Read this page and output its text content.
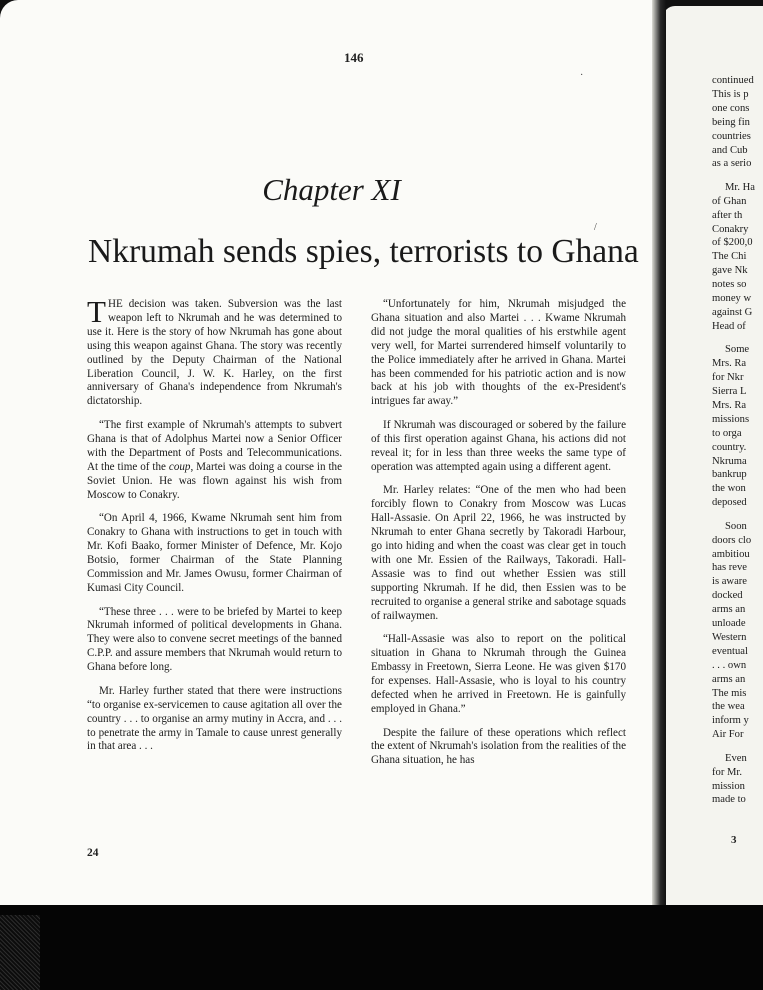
146
·
/
Chapter XI
Nkrumah sends spies, terrorists to Ghana

THE decision was taken. Subversion was the last weapon left to Nkrumah and he was determined to use it. Here is the story of how Nkrumah has gone about using this weapon against Ghana. The story was recently outlined by the Deputy Chairman of the National Liberation Council, J. W. K. Harley, on the first anniversary of Ghana's independence from Nkrumah's dictatorship.

“The first example of Nkrumah's attempts to subvert Ghana is that of Adolphus Martei now a Senior Officer with the Department of Posts and Telecommunications. At the time of the coup, Martei was doing a course in the Soviet Union. He was flown against his wish from Moscow to Conakry.

“On April 4, 1966, Kwame Nkrumah sent him from Conakry to Ghana with instructions to get in touch with Mr. Kofi Baako, former Minister of Defence, Mr. Kojo Botsio, former Chairman of the State Planning Commission and Mr. James Owusu, former Chairman of Kumasi City Council.

“These three . . . were to be briefed by Martei to keep Nkrumah informed of political developments in Ghana. They were also to convene secret meetings of the banned C.P.P. and assure members that Nkrumah would return to Ghana before long.

Mr. Harley further stated that there were instructions “to organise ex-servicemen to cause agitation all over the country . . . to organise an army mutiny in Accra, and . . . to penetrate the army in Tamale to cause unrest generally in that area . . .

“Unfortunately for him, Nkrumah misjudged the Ghana situation and also Martei . . . Kwame Nkrumah did not judge the moral qualities of his erstwhile agent very well, for Martei surrendered himself voluntarily to the Police immediately after he arrived in Ghana. Martei has been commended for his patriotic action and is now back at his job with thoughts of the ex-President's intrigues far away.”

If Nkrumah was discouraged or sobered by the failure of this first operation against Ghana, his actions did not reveal it; for in less than three weeks the same type of operation was attempted again using a different agent.

Mr. Harley relates: “One of the men who had been forcibly flown to Conakry from Moscow was Lucas Hall-Assasie. On April 22, 1966, he was instructed by Nkrumah to enter Ghana secretly by Takoradi Harbour, go into hiding and when the coast was clear get in touch with one Mr. Essien of the Railways, Takoradi. Hall-Assasie was to find out whether Essien was still supporting Nkrumah. If he did, then Essien was to be recruited to organise a general strike and sabotage squads of railwaymen.

“Hall-Assasie was also to report on the political situation in Ghana to Nkrumah through the Guinea Embassy in Freetown, Sierra Leone. He was given $170 for expenses. Hall-Assasie, who is loyal to his country defected when he arrived in Freetown. He is gainfully employed in Ghana.”

Despite the failure of these operations which reflect the extent of Nkrumah's isolation from the realities of the Ghana situation, he has

24

continued
This is p
one cons
being fin
countries
and Cub
as a serio

Mr. Ha
of Ghan
after th
Conakry
of $200,0
The Chi
gave Nk
notes so
money w
against G
Head of

Some
Mrs. Ra
for Nkr
Sierra L
Mrs. Ra
missions
to orga
country.
Nkruma
bankrup
the won
deposed

Soon
doors clo
ambitiou
has reve
is aware
docked
arms an
unloade
Western
eventual
. . . own
arms an
The mis
the wea
inform y
Air For

Even
for Mr.
mission
made to

3
